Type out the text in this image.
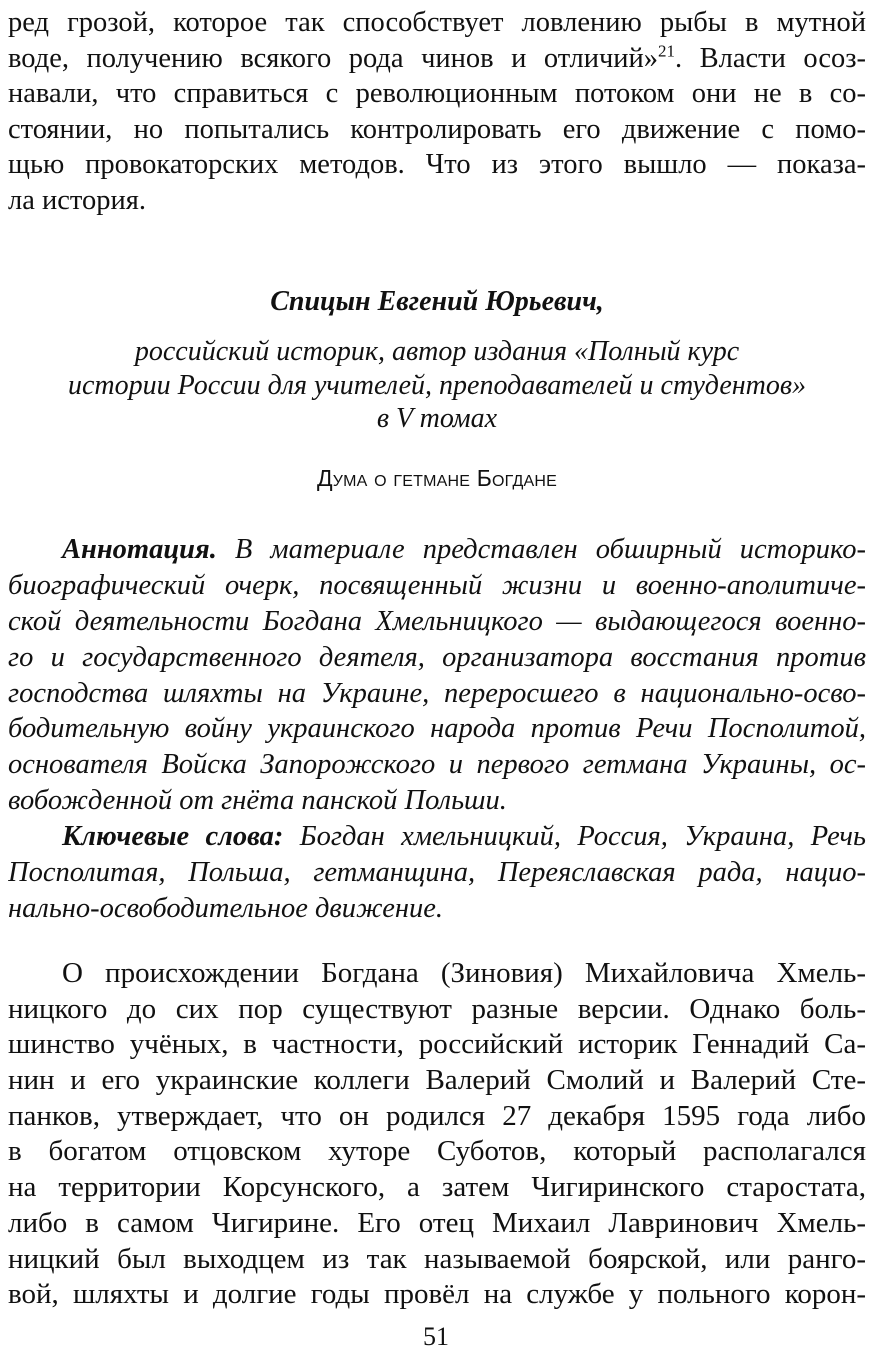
ред грозой, которое так способствует ловлению рыбы в мутной
воде, получению всякого рода чинов и отличий»$^{21}$. Власти осоз-
навали, что справиться с революционным потоком они не в со-
стоянии, но попытались контролировать его движение с помо-
щью провокаторских методов. Что из этого вышло — показа-
ла история.
Спицын Евгений Юрьевич,
российский историк, автор издания «Полный курс
истории России для учителей, преподавателей и студентов»
в V томах
Дума о гетмане Богдане
Аннотация. В материале представлен обширный историко-
биографический очерк, посвященный жизни и военно-аполитиче-
ской деятельности Богдана Хмельницкого — выдающегося военно-
го и государственного деятеля, организатора восстания против
господства шляхты на Украине, переросшего в национально-осво-
бодительную войну украинского народа против Речи Посполитой,
основателя Войска Запорожского и первого гетмана Украины, ос-
вобожденной от гнёта панской Польши.
Ключевые слова: Богдан хмельницкий, Россия, Украина, Речь
Посполитая, Польша, гетманщина, Переяславская рада, нацио-
нально-освободительное движение.
О происхождении Богдана (Зиновия) Михайловича Хмель-
ницкого до сих пор существуют разные версии. Однако боль-
шинство учёных, в частности, российский историк Геннадий Са-
нин и его украинские коллеги Валерий Смолий и Валерий Сте-
панков, утверждает, что он родился 27 декабря 1595 года либо
в богатом отцовском хуторе Суботов, который располагался
на территории Корсунского, а затем Чигиринского старостата,
либо в самом Чигирине. Его отец Михаил Лавринович Хмель-
ницкий был выходцем из так называемой боярской, или ранго-
вой, шляхты и долгие годы провёл на службе у польного корон-
51
